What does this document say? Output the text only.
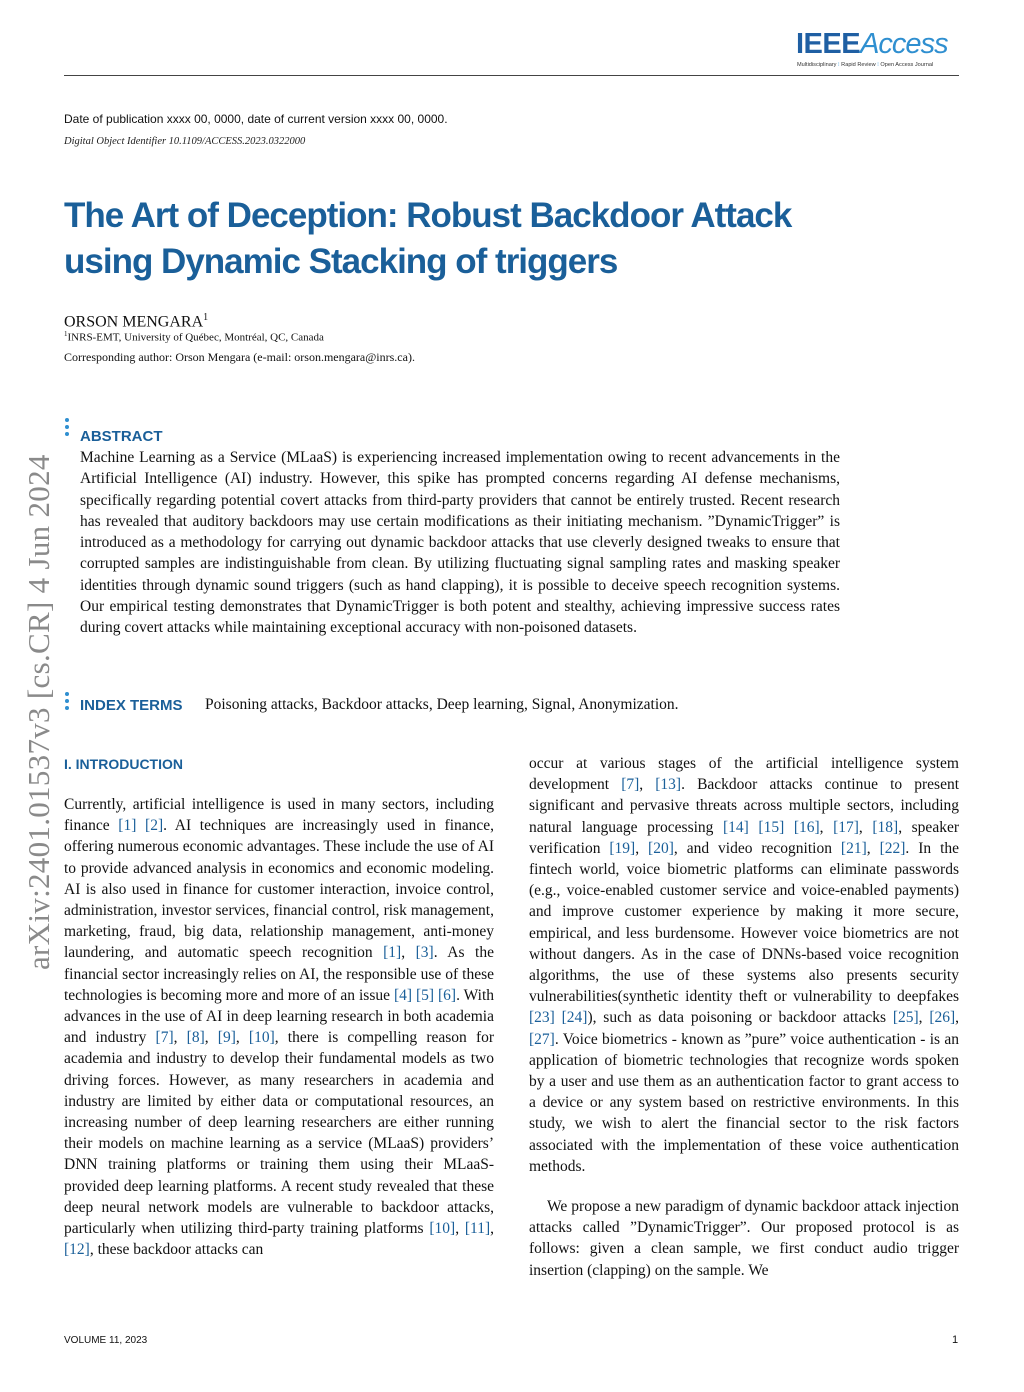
IEEEAccess
Multidisciplinary ⁞ Rapid Review ⁞ Open Access Journal
Date of publication xxxx 00, 0000, date of current version xxxx 00, 0000.
Digital Object Identifier 10.1109/ACCESS.2023.0322000
The Art of Deception: Robust Backdoor Attack using Dynamic Stacking of triggers
ORSON MENGARA$^1$
$^1$INRS-EMT, University of Québec, Montréal, QC, Canada
Corresponding author: Orson Mengara (e-mail: orson.mengara@inrs.ca).
arXiv:2401.01537v3 [cs.CR] 4 Jun 2024
ABSTRACT
Machine Learning as a Service (MLaaS) is experiencing increased implementation owing to recent advancements in the Artificial Intelligence (AI) industry. However, this spike has prompted concerns regarding AI defense mechanisms, specifically regarding potential covert attacks from third-party providers that cannot be entirely trusted. Recent research has revealed that auditory backdoors may use certain modifications as their initiating mechanism. ”DynamicTrigger” is introduced as a methodology for carrying out dynamic backdoor attacks that use cleverly designed tweaks to ensure that corrupted samples are indistinguishable from clean. By utilizing fluctuating signal sampling rates and masking speaker identities through dynamic sound triggers (such as hand clapping), it is possible to deceive speech recognition systems. Our empirical testing demonstrates that DynamicTrigger is both potent and stealthy, achieving impressive success rates during covert attacks while maintaining exceptional accuracy with non-poisoned datasets.
INDEX TERMS Poisoning attacks, Backdoor attacks, Deep learning, Signal, Anonymization.
I. INTRODUCTION

Currently, artificial intelligence is used in many sectors, including finance [1] [2]. AI techniques are increasingly used in finance, offering numerous economic advantages. These include the use of AI to provide advanced analysis in economics and economic modeling. AI is also used in finance for customer interaction, invoice control, administration, investor services, financial control, risk management, marketing, fraud, big data, relationship management, anti-money laundering, and automatic speech recognition [1], [3]. As the financial sector increasingly relies on AI, the responsible use of these technologies is becoming more and more of an issue [4] [5] [6]. With advances in the use of AI in deep learning research in both academia and industry [7], [8], [9], [10], there is compelling reason for academia and industry to develop their fundamental models as two driving forces. However, as many researchers in academia and industry are limited by either data or computational resources, an increasing number of deep learning researchers are either running their models on machine learning as a service (MLaaS) providers’ DNN training platforms or training them using their MLaaS-provided deep learning platforms. A recent study revealed that these deep neural network models are vulnerable to backdoor attacks, particularly when utilizing third-party training platforms [10], [11], [12], these backdoor attacks can

occur at various stages of the artificial intelligence system development [7], [13]. Backdoor attacks continue to present significant and pervasive threats across multiple sectors, including natural language processing [14] [15] [16], [17], [18], speaker verification [19], [20], and video recognition [21], [22]. In the fintech world, voice biometric platforms can eliminate passwords (e.g., voice-enabled customer service and voice-enabled payments) and improve customer experience by making it more secure, empirical, and less burdensome. However voice biometrics are not without dangers. As in the case of DNNs-based voice recognition algorithms, the use of these systems also presents security vulnerabilities(synthetic identity theft or vulnerability to deepfakes [23] [24]), such as data poisoning or backdoor attacks [25], [26], [27]. Voice biometrics - known as ”pure” voice authentication - is an application of biometric technologies that recognize words spoken by a user and use them as an authentication factor to grant access to a device or any system based on restrictive environments. In this study, we wish to alert the financial sector to the risk factors associated with the implementation of these voice authentication methods.

We propose a new paradigm of dynamic backdoor attack injection attacks called ”DynamicTrigger”. Our proposed protocol is as follows: given a clean sample, we first conduct audio trigger insertion (clapping) on the sample. We

VOLUME 11, 2023	1
